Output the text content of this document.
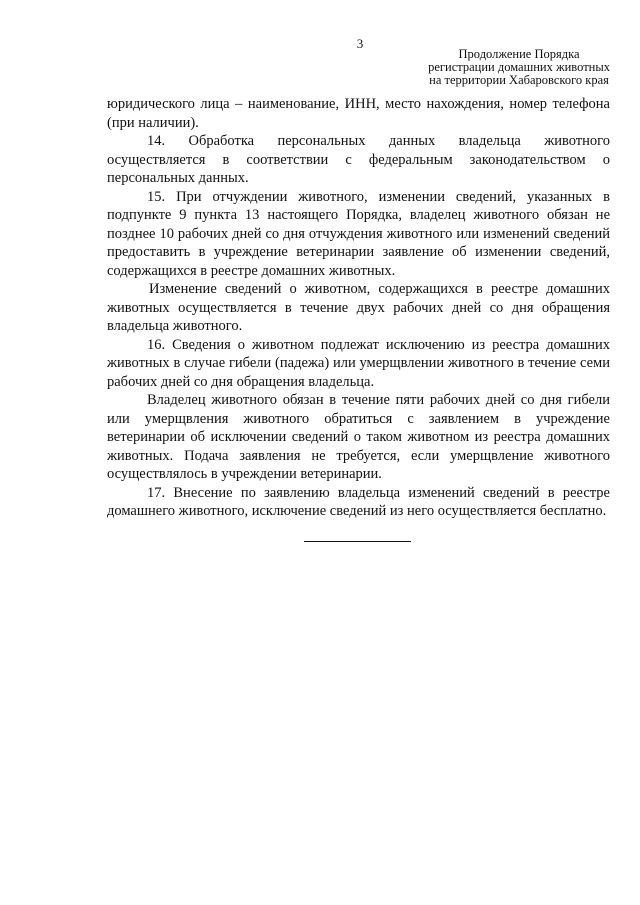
3
Продолжение Порядка
регистрации домашних животных
на территории Хабаровского края

юридического лица – наименование, ИНН, место нахождения, номер телефона (при наличии).

14. Обработка персональных данных владельца животного осуществляется в соответствии с федеральным законодательством о персональных данных.

15. При отчуждении животного, изменении сведений, указанных в подпункте 9 пункта 13 настоящего Порядка, владелец животного обязан не позднее 10 рабочих дней со дня отчуждения животного или изменений сведений предоставить в учреждение ветеринарии заявление об изменении сведений, содержащихся в реестре домашних животных.

Изменение сведений о животном, содержащихся в реестре домашних животных осуществляется в течение двух рабочих дней со дня обращения владельца животного.

16. Сведения о животном подлежат исключению из реестра домашних животных в случае гибели (падежа) или умерщвлении животного в течение семи рабочих дней со дня обращения владельца.

Владелец животного обязан в течение пяти рабочих дней со дня гибели или умерщвления животного обратиться с заявлением в учреждение ветеринарии об исключении сведений о таком животном из реестра домашних животных. Подача заявления не требуется, если умерщвление животного осуществлялось в учреждении ветеринарии.

17. Внесение по заявлению владельца изменений сведений в реестре домашнего животного, исключение сведений из него осуществляется бесплатно.
